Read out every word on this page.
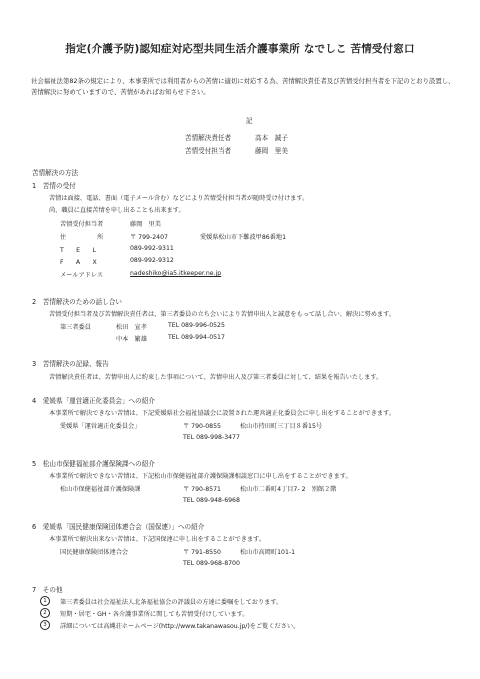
指定(介護予防)認知症対応型共同生活介護事業所 なでしこ 苦情受付窓口
社会福祉法第82条の規定により、本事業所では利用者からの苦情に適切に対応する為、苦情解決責任者及び苦情受付担当者を下記のとおり設置し、苦情解決に努めていますので、苦情があればお知らせ下さい。
記
苦情解決責任者	高本　誠子
苦情受付担当者	藤岡　里美
苦情解決の方法
1　苦情の受付
苦情は面接、電話、書面（電子メール含む）などにより苦情受付担当者が随時受け付けます。
尚、職員に直接苦情を申し出ることも出来ます。
苦情受付担当者	藤岡　里美
住　　　　　所	〒 799-2407	愛媛県松山市下難波甲86番地1
T　　E　　L	089-992-9311
F　　A　　X	089-992-9312
メールアドレス	nadeshiko@ia5.itkeeper.ne.jp
2　苦情解決のための話し合い
苦情受付担当者及び苦情解決責任者は、第三者委員の立ち会いにより苦情申出人と誠意をもって話し合い、解決に努めます。
第三者委員	松田　宣孝	TEL 089-996-0525
中本　繁雄	TEL 089-994-0517
3　苦情解決の記録、報告
苦情解決責任者は、苦情申出人に約束した事項について、苦情申出人及び第三者委員に対して、結果を報告いたします。
4　愛媛県「運営適正化委員会」への紹介
本事業所で解決できない苦情は、下記愛媛県社会福祉協議会に設置された運営適正化委員会に申し出をすることができます。
愛媛県「運営適正化委員会」	〒 790-0855	松山市持田町三丁目８番15号
TEL 089-998-3477
5　松山市保健福祉部介護保険課への紹介
本事業所で解決できない苦情は、下記松山市保健福祉部介護保険課相談窓口に申し出をすることができます。
松山市保健福祉部介護保険課	〒 790-8571	松山市二番町4丁目7- 2　別館２階
TEL 089-948-6968
6　愛媛県「国民健康保険団体連合会（国保連）」への紹介
本事業所で解決出来ない苦情は、下記国保連に申し出をすることができます。
国民健康保険団体連合会	〒 791-8550	松山市高岡町101-1
TEL 089-968-8700
7　その他
1	第三者委員は社会福祉法人北条福祉協会の評議員の方達に委嘱をしております。
2	短期・居宅・GH・各介護事業所に関しても苦情受付けしています。
3	詳細については高縄荘ホームページ(http://www.takanawasou.jp/)をご覧ください。
